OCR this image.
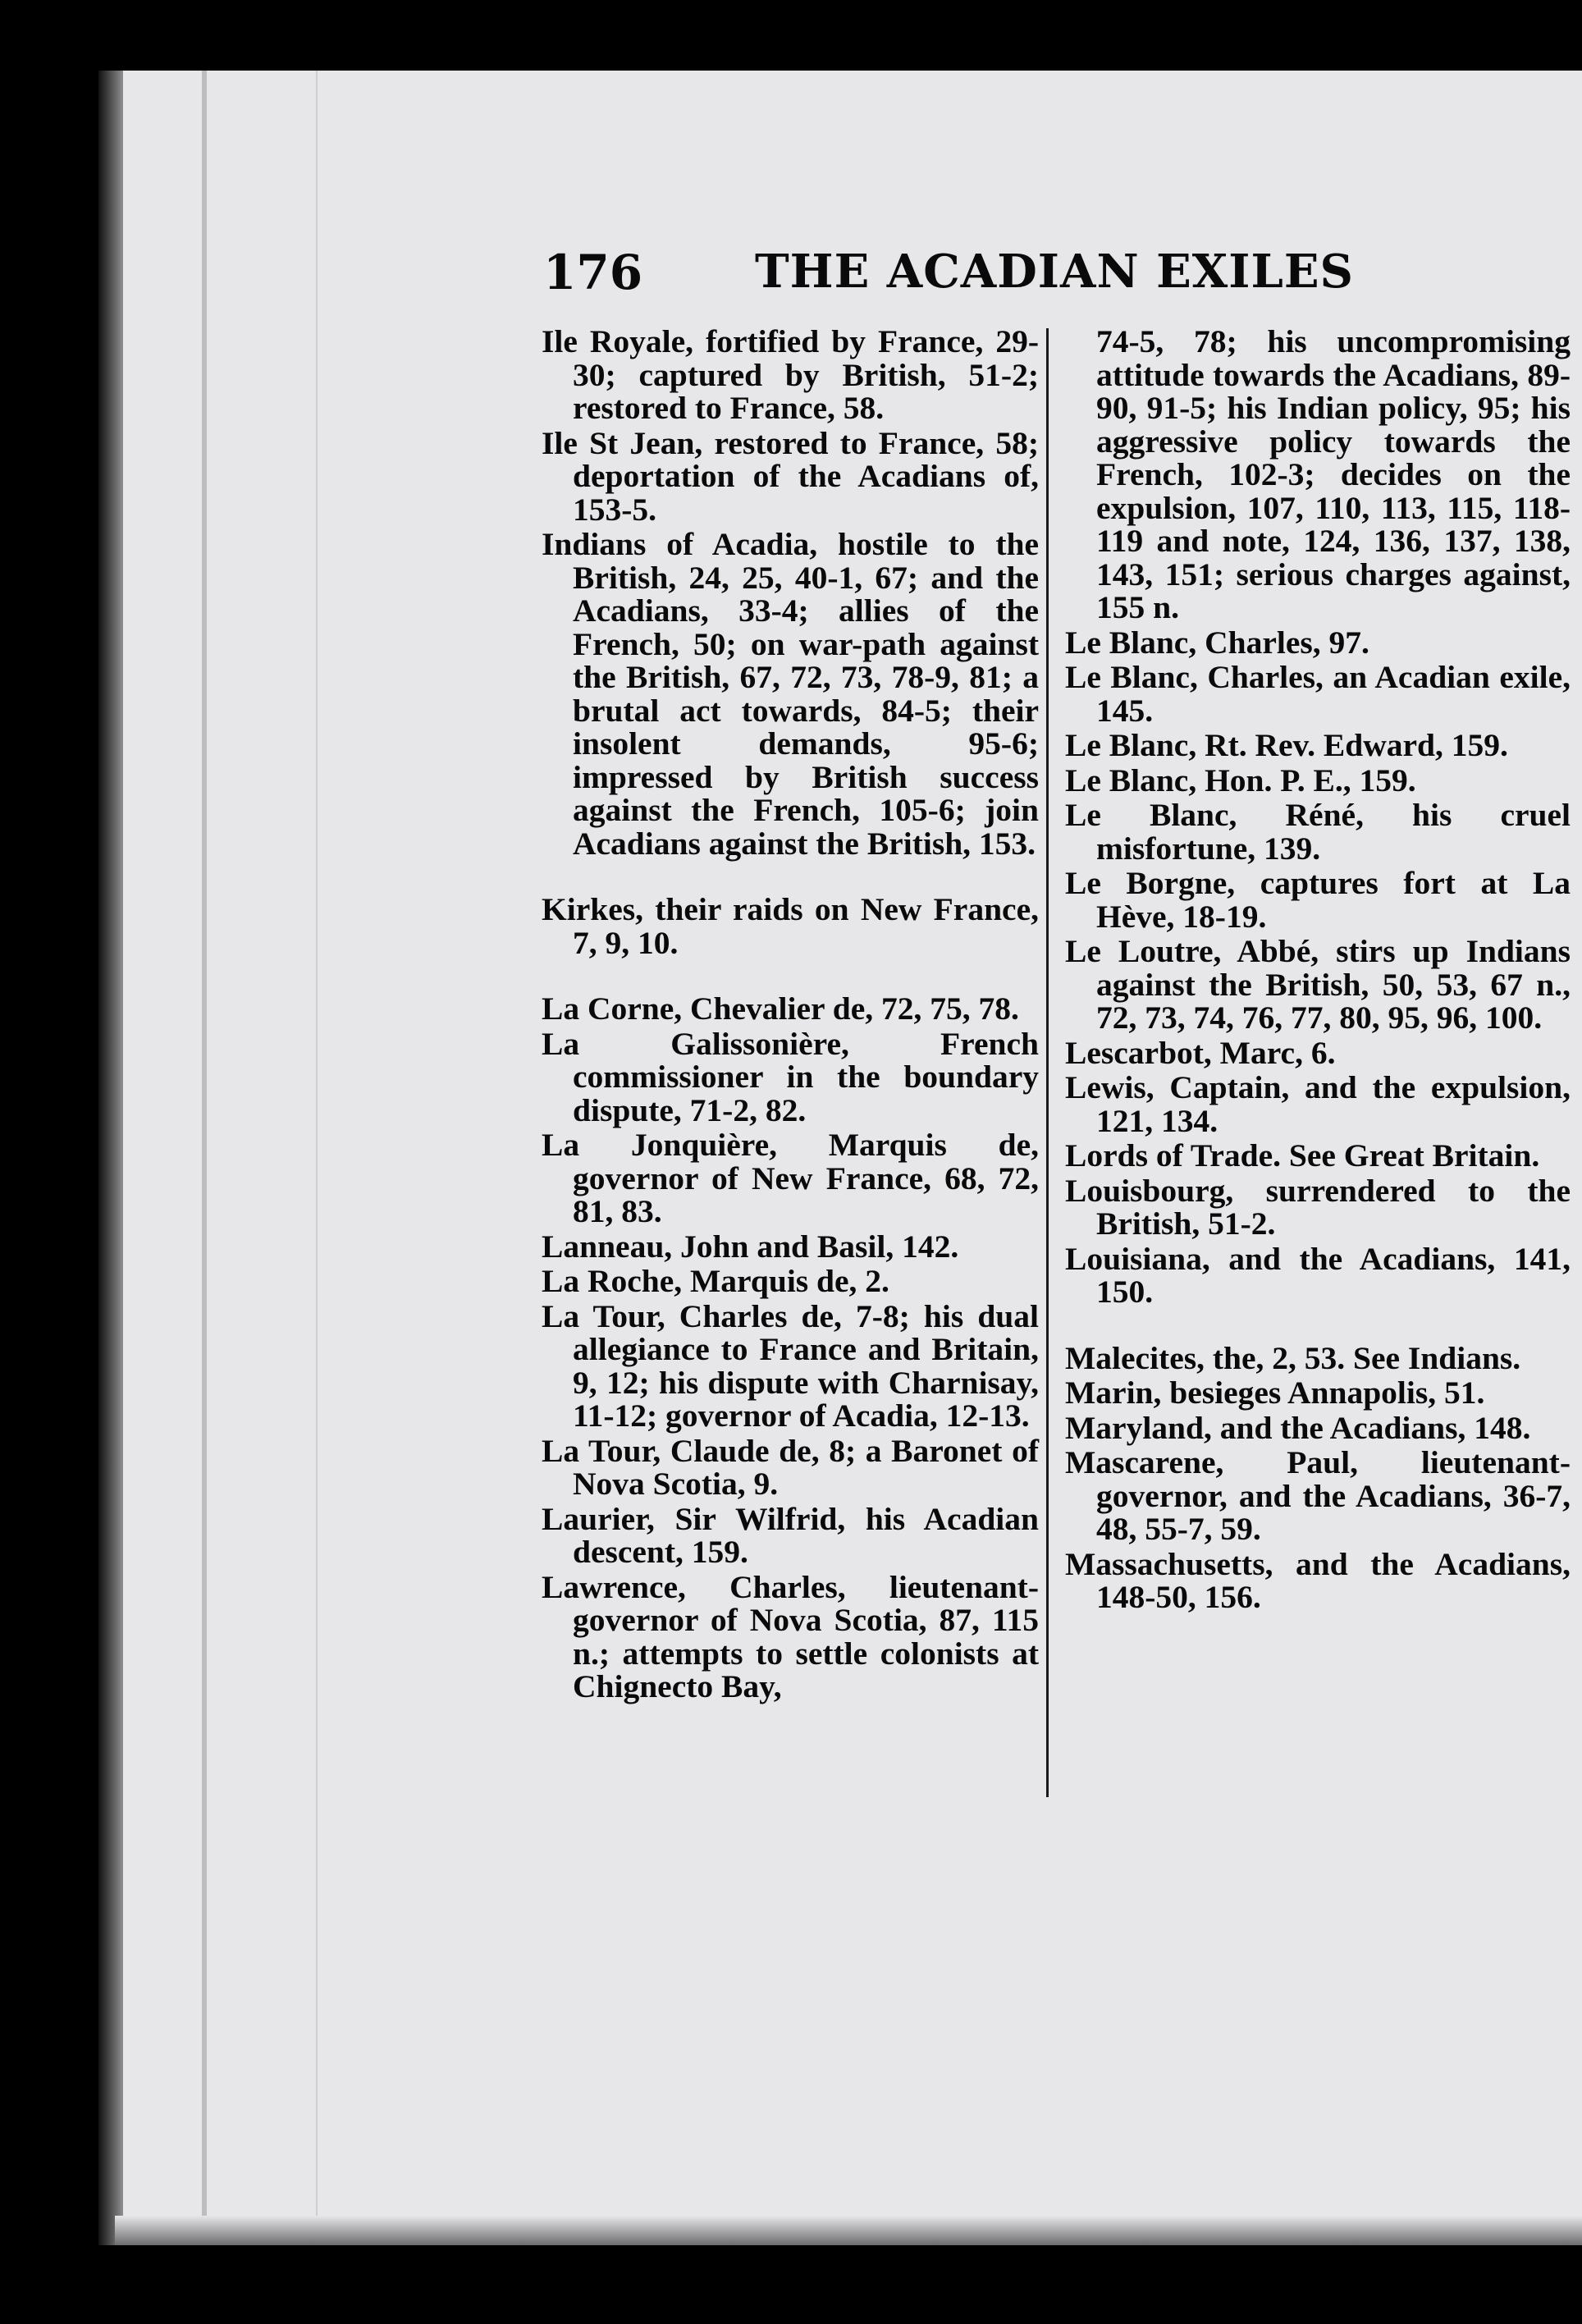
176 THE ACADIAN EXILES

Ile Royale, fortified by France, 29-30; captured by British, 51-2; restored to France, 58.

Ile St Jean, restored to France, 58; deportation of the Acadians of, 153-5.

Indians of Acadia, hostile to the British, 24, 25, 40-1, 67; and the Acadians, 33-4; allies of the French, 50; on war-path against the British, 67, 72, 73, 78-9, 81; a brutal act towards, 84-5; their insolent demands, 95-6; impressed by British success against the French, 105-6; join Acadians against the British, 153.

Kirkes, their raids on New France, 7, 9, 10.

La Corne, Chevalier de, 72, 75, 78.

La Galissonière, French commissioner in the boundary dispute, 71-2, 82.

La Jonquière, Marquis de, governor of New France, 68, 72, 81, 83.

Lanneau, John and Basil, 142.

La Roche, Marquis de, 2.

La Tour, Charles de, 7-8; his dual allegiance to France and Britain, 9, 12; his dispute with Charnisay, 11-12; governor of Acadia, 12-13.

La Tour, Claude de, 8; a Baronet of Nova Scotia, 9.

Laurier, Sir Wilfrid, his Acadian descent, 159.

Lawrence, Charles, lieutenant-governor of Nova Scotia, 87, 115 n.; attempts to settle colonists at Chignecto Bay,

74-5, 78; his uncompromising attitude towards the Acadians, 89-90, 91-5; his Indian policy, 95; his aggressive policy towards the French, 102-3; decides on the expulsion, 107, 110, 113, 115, 118-119 and note, 124, 136, 137, 138, 143, 151; serious charges against, 155 n.

Le Blanc, Charles, 97.

Le Blanc, Charles, an Acadian exile, 145.

Le Blanc, Rt. Rev. Edward, 159.

Le Blanc, Hon. P. E., 159.

Le Blanc, Réné, his cruel misfortune, 139.

Le Borgne, captures fort at La Hève, 18-19.

Le Loutre, Abbé, stirs up Indians against the British, 50, 53, 67 n., 72, 73, 74, 76, 77, 80, 95, 96, 100.

Lescarbot, Marc, 6.

Lewis, Captain, and the expulsion, 121, 134.

Lords of Trade. See Great Britain.

Louisbourg, surrendered to the British, 51-2.

Louisiana, and the Acadians, 141, 150.

Malecites, the, 2, 53. See Indians.

Marin, besieges Annapolis, 51.

Maryland, and the Acadians, 148.

Mascarene, Paul, lieutenant-governor, and the Acadians, 36-7, 48, 55-7, 59.

Massachusetts, and the Acadians, 148-50, 156.
